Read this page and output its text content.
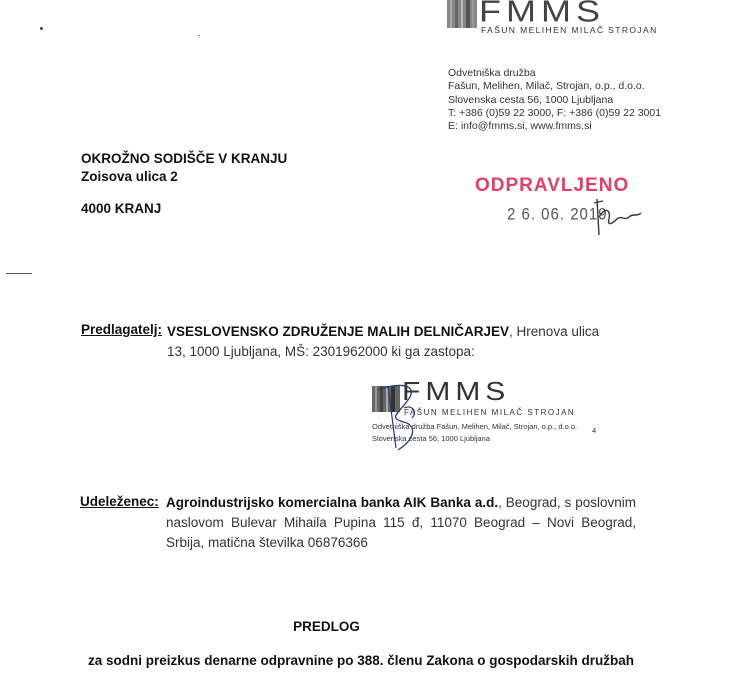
FMMS
FAŠUN MELIHEN MILAČ STROJAN
Odvetniška družba
Fašun, Melihen, Milač, Strojan, o.p., d.o.o.
Slovenska cesta 56, 1000 Ljubljana
T: +386 (0)59 22 3000, F: +386 (0)59 22 3001
E: info@fmms.si, www.fmms.si
OKROŽNO SODIŠČE V KRANJU
Zoisova ulica 2
4000 KRANJ
ODPRAVLJENO
2 6. 06. 2019
Predlagatelj: VSESLOVENSKO ZDRUŽENJE MALIH DELNIČARJEV, Hrenova ulica 13, 1000 Ljubljana, MŠ: 2301962000 ki ga zastopa:
FMMS
FAŠUN MELIHEN MILAČ STROJAN
Odvetniška družba Fašun, Melihen, Milač, Strojan, o.p., d.o.o.
Slovenska cesta 56, 1000 Ljubljana
4
Udeleženec: Agroindustrijsko komercialna banka AIK Banka a.d., Beograd, s poslovnim naslovom Bulevar Mihaila Pupina 115 đ, 11070 Beograd – Novi Beograd, Srbija, matična številka 06876366
PREDLOG
za sodni preizkus denarne odpravnine po 388. členu Zakona o gospodarskih družbah
